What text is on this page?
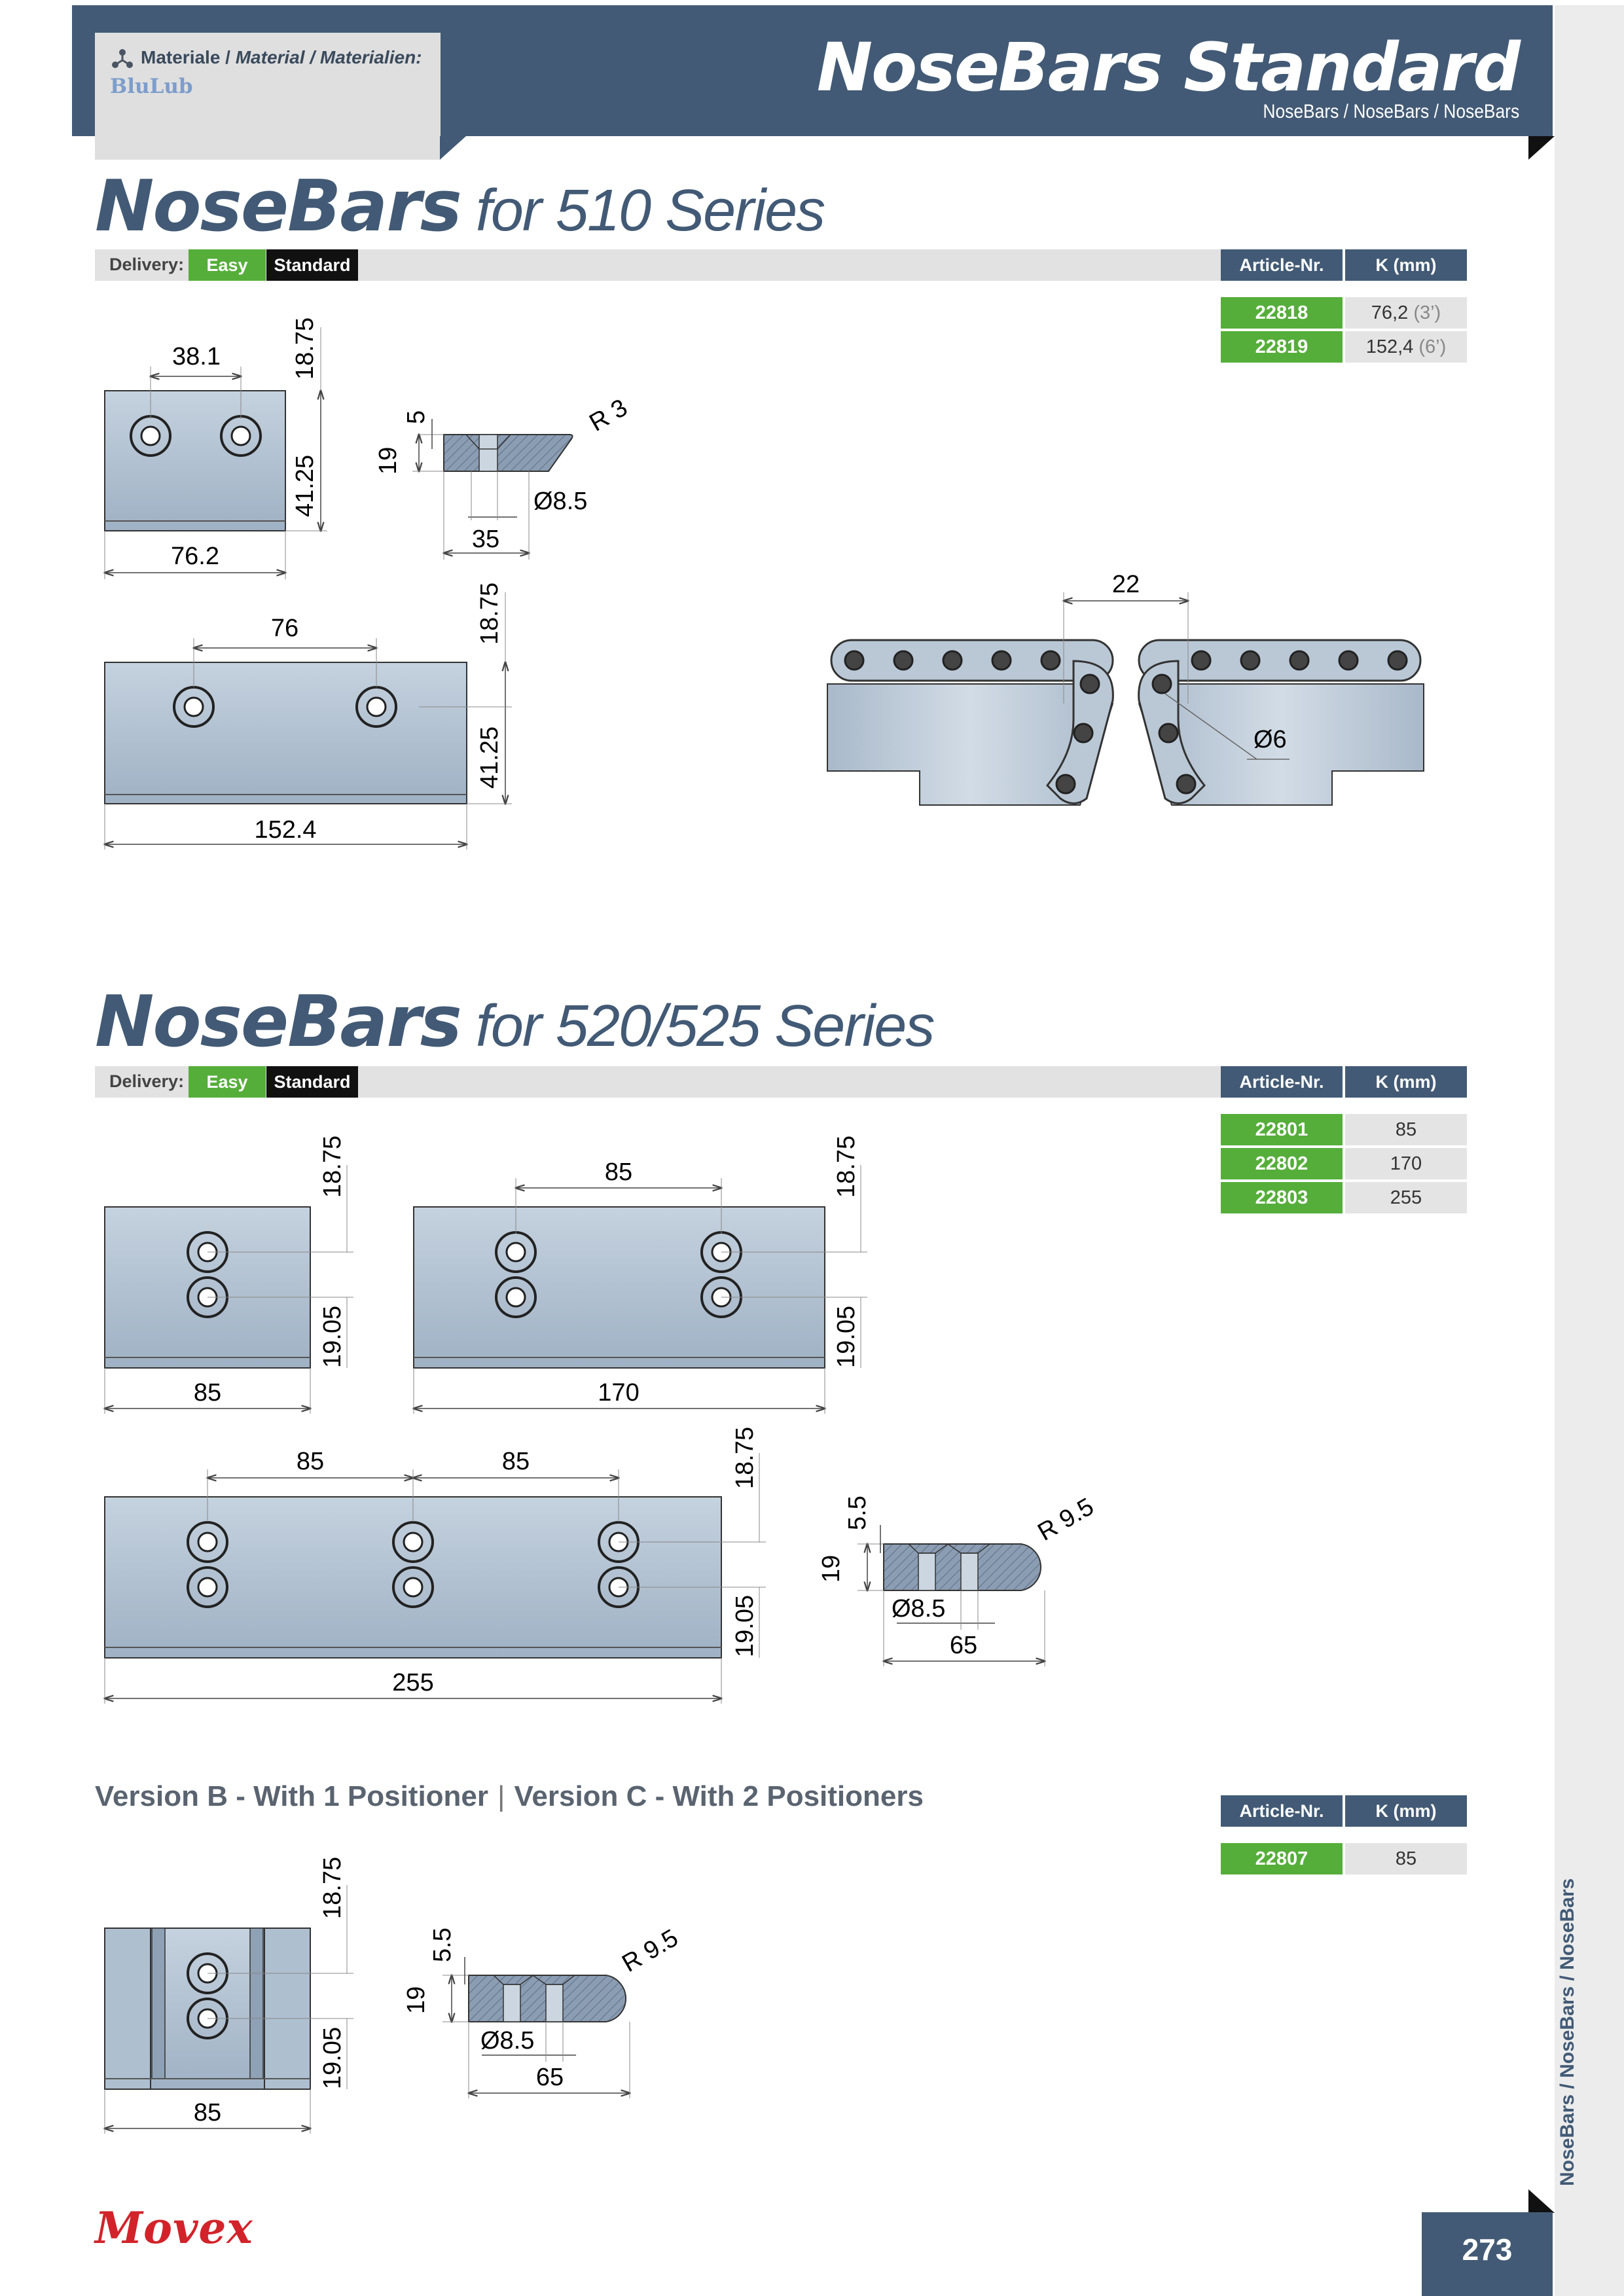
Materiale / Material / Materialien:
BluLub	NoseBars Standard
NoseBars / NoseBars / NoseBars
NoseBars / NoseBars / NoseBars
NoseBars for 510 Series
Delivery:	Easy	Standard	Article-Nr.	K (mm)
22818	76,2 (3’)
22819	152,4 (6’)
38.1
76.2
18.75
41.25 19
5	R 3
Ø8.5
35
76
152.4
18.75
41.25
22
Ø6
NoseBars for 520/525 Series
Delivery:	Easy	Standard	Article-Nr.	K (mm)
22801	85
22802	170
22803	255
18.75
19.05
85
85	18.75
19.05
170
85	85	18.75
19.05
255
19
5.5	R 9.5
Ø8.5
65
Version B - With 1 Positioner | Version C - With 2 Positioners	Article-Nr.	K (mm)
22807	85
18.75
19.05
85
19
5.5	R 9.5
Ø8.5
65
Movex	273
